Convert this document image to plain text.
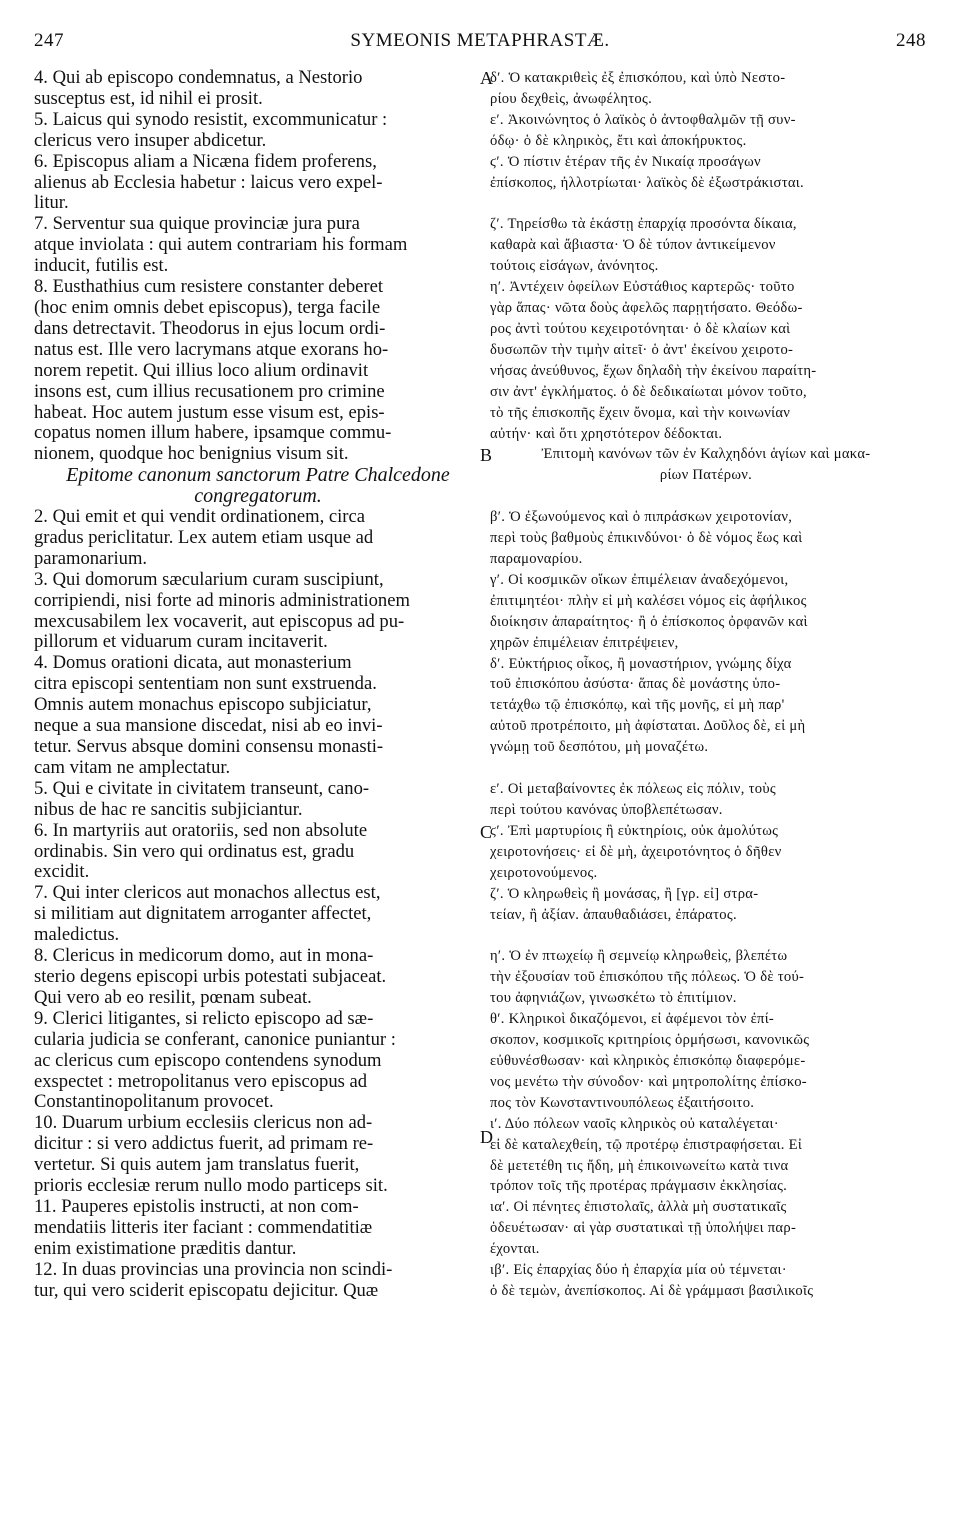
247	SYMEONIS METAPHRASTÆ.	248
4. Qui ab episcopo condemnatus, a Nestorio
susceptus est, id nihil ei prosit.
5. Laicus qui synodo resistit, excommunicatur :
clericus vero insuper abdicetur.
6. Episcopus aliam a Nicæna fidem proferens,
alienus ab Ecclesia habetur : laicus vero expel-
litur.
7. Serventur sua quique provinciæ jura pura
atque inviolata : qui autem contrariam his formam
inducit, futilis est.
8. Eusthathius cum resistere constanter deberet
(hoc enim omnis debet episcopus), terga facile
dans detrectavit. Theodorus in ejus locum ordi-
natus est. Ille vero lacrymans atque exorans ho-
norem repetit. Qui illius loco alium ordinavit
insons est, cum illius recusationem pro crimine
habeat. Hoc autem justum esse visum est, epis-
copatus nomen illum habere, ipsamque commu-
nionem, quodque hoc benignius visum sit.
Epitome canonum sanctorum Patre Chalcedone
congregatorum.
2. Qui emit et qui vendit ordinationem, circa
gradus periclitatur. Lex autem etiam usque ad
paramonarium.
3. Qui domorum sæcularium curam suscipiunt,
corripiendi, nisi forte ad minoris administrationem
mexcusabilem lex vocaverit, aut episcopus ad pu-
pillorum et viduarum curam incitaverit.
4. Domus orationi dicata, aut monasterium
citra episcopi sententiam non sunt exstruenda.
Omnis autem monachus episcopo subjiciatur,
neque a sua mansione discedat, nisi ab eo invi-
tetur. Servus absque domini consensu monasti-
cam vitam ne amplectatur.
5. Qui e civitate in civitatem transeunt, cano-
nibus de hac re sancitis subjiciantur.
6. In martyriis aut oratoriis, sed non absolute
ordinabis. Sin vero qui ordinatus est, gradu
excidit.
7. Qui inter clericos aut monachos allectus est,
si militiam aut dignitatem arroganter affectet,
maledictus.
8. Clericus in medicorum domo, aut in mona-
sterio degens episcopi urbis potestati subjaceat.
Qui vero ab eo resilit, pœnam subeat.
9. Clerici litigantes, si relicto episcopo ad sæ-
cularia judicia se conferant, canonice puniantur :
ac clericus cum episcopo contendens synodum
exspectet : metropolitanus vero episcopus ad
Constantinopolitanum provocet.
10. Duarum urbium ecclesiis clericus non ad-
dicitur : si vero addictus fuerit, ad primam re-
vertetur. Si quis autem jam translatus fuerit,
prioris ecclesiæ rerum nullo modo particeps sit.
11. Pauperes epistolis instructi, at non com-
mendatiis litteris iter faciant : commendatitiæ
enim existimatione præditis dantur.
12. In duas provincias una provincia non scindi-
tur, qui vero sciderit episcopatu dejicitur. Quæ
δʹ. Ὁ κατακριθεὶς ἐξ ἐπισκόπου, καὶ ὑπὸ Νεστο-
ρίου δεχθεὶς, ἀνωφέλητος.
εʹ. Ἀκοινώνητος ὁ λαϊκὸς ὁ ἀντοφθαλμῶν τῇ συν-
όδῳ· ὁ δὲ κληρικὸς, ἔτι καὶ ἀποκήρυκτος.
ϛʹ. Ὁ πίστιν ἑτέραν τῆς ἐν Νικαίᾳ προσάγων
ἐπίσκοπος, ἠλλοτρίωται· λαϊκὸς δὲ ἐξωστράκισται.
ζʹ. Τηρείσθω τὰ ἑκάστῃ ἐπαρχίᾳ προσόντα δίκαια,
καθαρὰ καὶ ἄβιαστα· Ὁ δὲ τύπον ἀντικείμενον
τούτοις εἰσάγων, ἀνόνητος.
ηʹ. Ἀντέχειν ὀφείλων Εὐστάθιος καρτερῶς· τοῦτο
γὰρ ἅπας· νῶτα δοὺς ἀφελῶς παρῃτήσατο. Θεόδω-
ρος ἀντὶ τούτου κεχειροτόνηται· ὁ δὲ κλαίων καὶ
δυσωπῶν τὴν τιμὴν αἰτεῖ· ὁ ἀντ' ἐκείνου χειροτο-
νήσας ἀνεύθυνος, ἔχων δηλαδὴ τὴν ἐκείνου παραίτη-
σιν ἀντ' ἐγκλήματος. ὁ δὲ δεδικαίωται μόνον τοῦτο,
τὸ τῆς ἐπισκοπῆς ἔχειν ὄνομα, καὶ τὴν κοινωνίαν
αὐτήν· καὶ ὅτι χρηστότερον δέδοκται.
Ἐπιτομὴ κανόνων τῶν ἐν Καλχηδόνι ἁγίων καὶ μακα-
ρίων Πατέρων.
βʹ. Ὁ ἐξωνούμενος καὶ ὁ πιπράσκων χειροτονίαν,
περὶ τοὺς βαθμοὺς ἐπικινδύνοι· ὁ δὲ νόμος ἕως καὶ
παραμοναρίου.
γʹ. Οἱ κοσμικῶν οἴκων ἐπιμέλειαν ἀναδεχόμενοι,
ἐπιτιμητέοι· πλὴν εἰ μὴ καλέσει νόμος εἰς ἀφήλικος
διοίκησιν ἀπαραίτητος· ἢ ὁ ἐπίσκοπος ὀρφανῶν καὶ
χηρῶν ἐπιμέλειαν ἐπιτρέψειεν,
δʹ. Εὐκτήριος οἶκος, ἢ μοναστήριον, γνώμης δίχα
τοῦ ἐπισκόπου ἀσύστα· ἅπας δὲ μονάστης ὑπο-
τετάχθω τῷ ἐπισκόπῳ, καὶ τῆς μονῆς, εἰ μὴ παρ'
αὐτοῦ προτρέποιτο, μὴ ἀφίσταται. Δοῦλος δὲ, εἰ μὴ
γνώμῃ τοῦ δεσπότου, μὴ μοναζέτω.
εʹ. Οἱ μεταβαίνοντες ἐκ πόλεως εἰς πόλιν, τοὺς
περὶ τούτου κανόνας ὑποβλεπέτωσαν.
ϛʹ. Ἐπὶ μαρτυρίοις ἢ εὐκτηρίοις, οὐκ ἀμολύτως
χειροτονήσεις· εἰ δὲ μὴ, ἀχειροτόνητος ὁ δῆθεν
χειροτονούμενος.
ζʹ. Ὁ κληρωθεὶς ἢ μονάσας, ἢ [γρ. εἰ] στρα-
τείαν, ἢ ἀξίαν. ἀπαυθαδιάσει, ἐπάρατος.
ηʹ. Ὁ ἐν πτωχείῳ ἢ σεμνείῳ κληρωθεὶς, βλεπέτω
τὴν ἐξουσίαν τοῦ ἐπισκόπου τῆς πόλεως. Ὁ δὲ τού-
του ἀφηνιάζων, γινωσκέτω τὸ ἐπιτίμιον.
θʹ. Κληρικοὶ δικαζόμενοι, εἰ ἀφέμενοι τὸν ἐπί-
σκοπον, κοσμικοῖς κριτηρίοις ὁρμήσωσι, κανονικῶς
εὐθυνέσθωσαν· καὶ κληρικὸς ἐπισκόπῳ διαφερόμε-
νος μενέτω τὴν σύνοδον· καὶ μητροπολίτης ἐπίσκο-
πος τὸν Κωνσταντινουπόλεως ἐξαιτήσοιτο.
ιʹ. Δύο πόλεων ναοῖς κληρικὸς οὐ καταλέγεται·
εἰ δὲ καταλεχθείη, τῷ προτέρῳ ἐπιστραφήσεται. Εἰ
δὲ μετετέθη τις ἤδη, μὴ ἐπικοινωνείτω κατὰ τινα
τρόπον τοῖς τῆς προτέρας πράγμασιν ἐκκλησίας.
ιαʹ. Οἱ πένητες ἐπιστολαῖς, ἀλλὰ μὴ συστατικαῖς
ὁδευέτωσαν· αἱ γὰρ συστατικαὶ τῇ ὑπολήψει παρ-
έχονται.
ιβʹ. Εἰς ἐπαρχίας δύο ἡ ἐπαρχία μία οὐ τέμνεται·
ὁ δὲ τεμὼν, ἀνεπίσκοπος. Αἱ δὲ γράμμασι βασιλικοῖς
A
B
C
D
